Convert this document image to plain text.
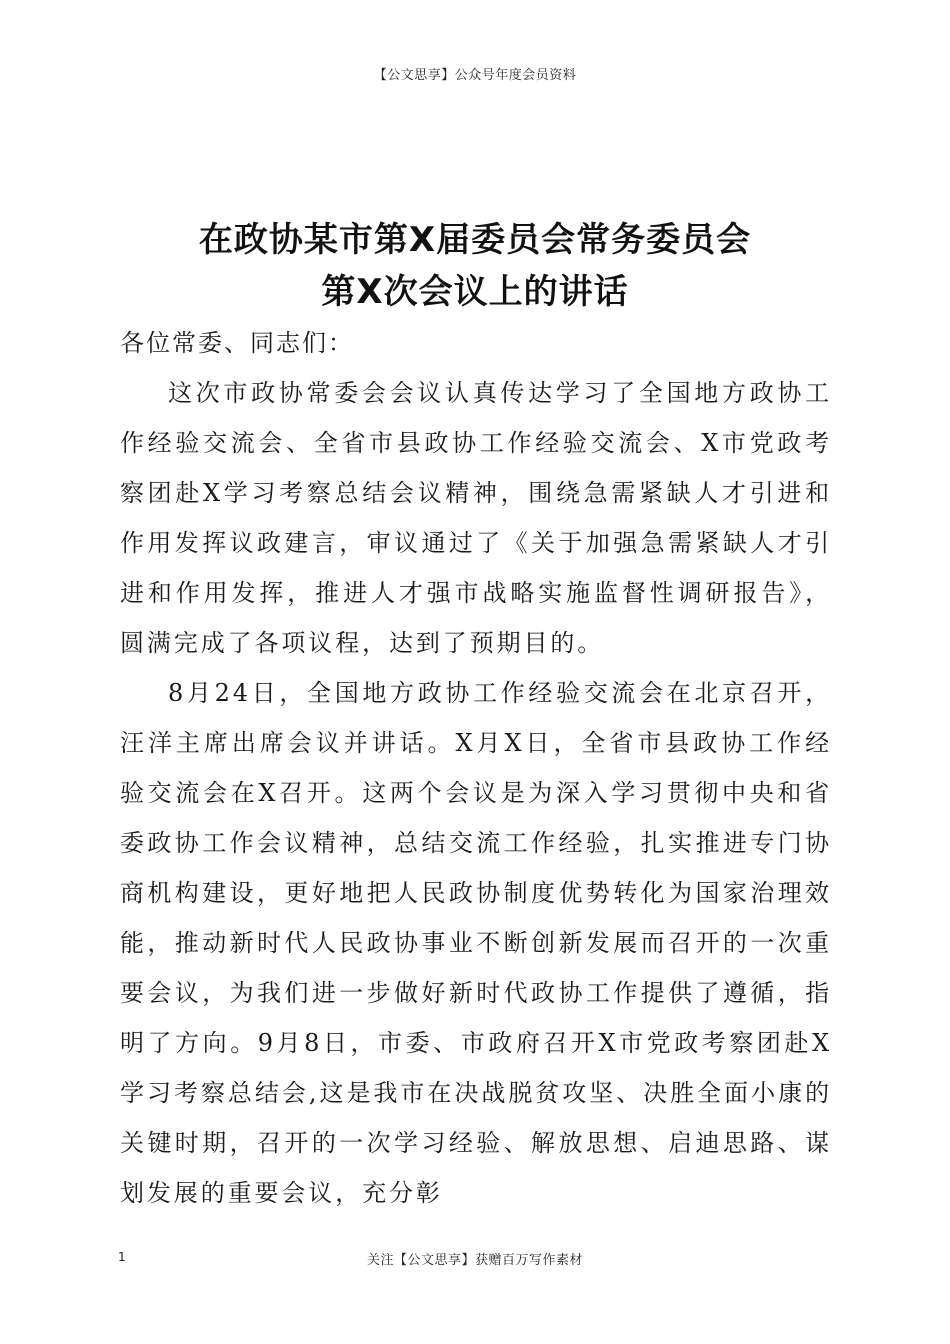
【公文思享】公众号年度会员资料
在政协某市第X届委员会常务委员会
第X次会议上的讲话

各位常委、同志们：

这次市政协常委会会议认真传达学习了全国地方政协工作经验交流会、全省市县政协工作经验交流会、X市党政考察团赴X学习考察总结会议精神，围绕急需紧缺人才引进和作用发挥议政建言，审议通过了《关于加强急需紧缺人才引进和作用发挥，推进人才强市战略实施监督性调研报告》，圆满完成了各项议程，达到了预期目的。

8月24日，全国地方政协工作经验交流会在北京召开，汪洋主席出席会议并讲话。X月X日，全省市县政协工作经验交流会在X召开。这两个会议是为深入学习贯彻中央和省委政协工作会议精神，总结交流工作经验，扎实推进专门协商机构建设，更好地把人民政协制度优势转化为国家治理效能，推动新时代人民政协事业不断创新发展而召开的一次重要会议，为我们进一步做好新时代政协工作提供了遵循，指明了方向。9月8日，市委、市政府召开X市党政考察团赴X学习考察总结会,这是我市在决战脱贫攻坚、决胜全面小康的关键时期，召开的一次学习经验、解放思想、启迪思路、谋划发展的重要会议，充分彰

1	关注【公文思享】获赠百万写作素材
